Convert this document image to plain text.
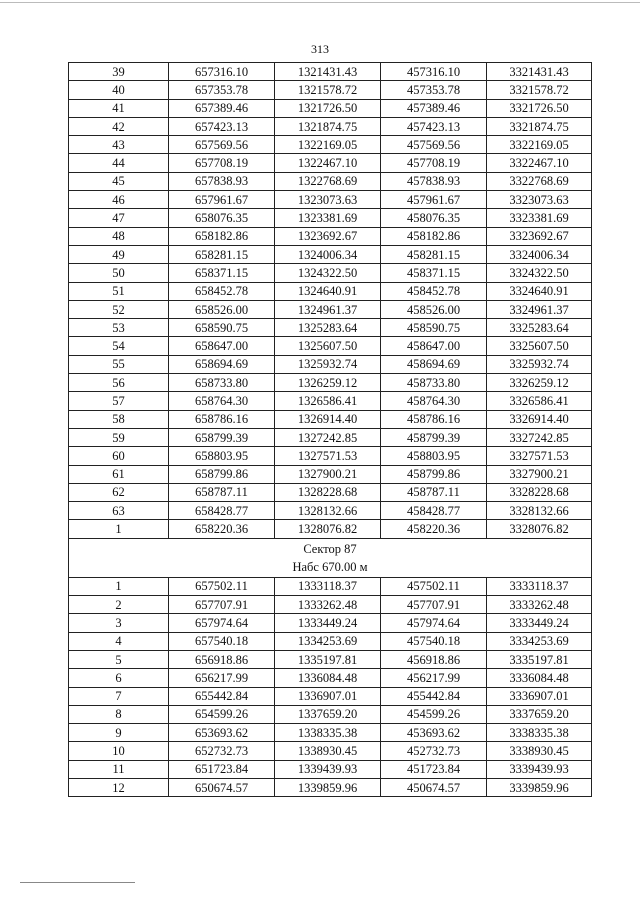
313
39	657316.10	1321431.43	457316.10	3321431.43
40	657353.78	1321578.72	457353.78	3321578.72
41	657389.46	1321726.50	457389.46	3321726.50
42	657423.13	1321874.75	457423.13	3321874.75
43	657569.56	1322169.05	457569.56	3322169.05
44	657708.19	1322467.10	457708.19	3322467.10
45	657838.93	1322768.69	457838.93	3322768.69
46	657961.67	1323073.63	457961.67	3323073.63
47	658076.35	1323381.69	458076.35	3323381.69
48	658182.86	1323692.67	458182.86	3323692.67
49	658281.15	1324006.34	458281.15	3324006.34
50	658371.15	1324322.50	458371.15	3324322.50
51	658452.78	1324640.91	458452.78	3324640.91
52	658526.00	1324961.37	458526.00	3324961.37
53	658590.75	1325283.64	458590.75	3325283.64
54	658647.00	1325607.50	458647.00	3325607.50
55	658694.69	1325932.74	458694.69	3325932.74
56	658733.80	1326259.12	458733.80	3326259.12
57	658764.30	1326586.41	458764.30	3326586.41
58	658786.16	1326914.40	458786.16	3326914.40
59	658799.39	1327242.85	458799.39	3327242.85
60	658803.95	1327571.53	458803.95	3327571.53
61	658799.86	1327900.21	458799.86	3327900.21
62	658787.11	1328228.68	458787.11	3328228.68
63	658428.77	1328132.66	458428.77	3328132.66
1	658220.36	1328076.82	458220.36	3328076.82

Сектор 87
Набс 670.00 м				

1	657502.11	1333118.37	457502.11	3333118.37
2	657707.91	1333262.48	457707.91	3333262.48
3	657974.64	1333449.24	457974.64	3333449.24
4	657540.18	1334253.69	457540.18	3334253.69
5	656918.86	1335197.81	456918.86	3335197.81
6	656217.99	1336084.48	456217.99	3336084.48
7	655442.84	1336907.01	455442.84	3336907.01
8	654599.26	1337659.20	454599.26	3337659.20
9	653693.62	1338335.38	453693.62	3338335.38
10	652732.73	1338930.45	452732.73	3338930.45
11	651723.84	1339439.93	451723.84	3339439.93
12	650674.57	1339859.96	450674.57	3339859.96
